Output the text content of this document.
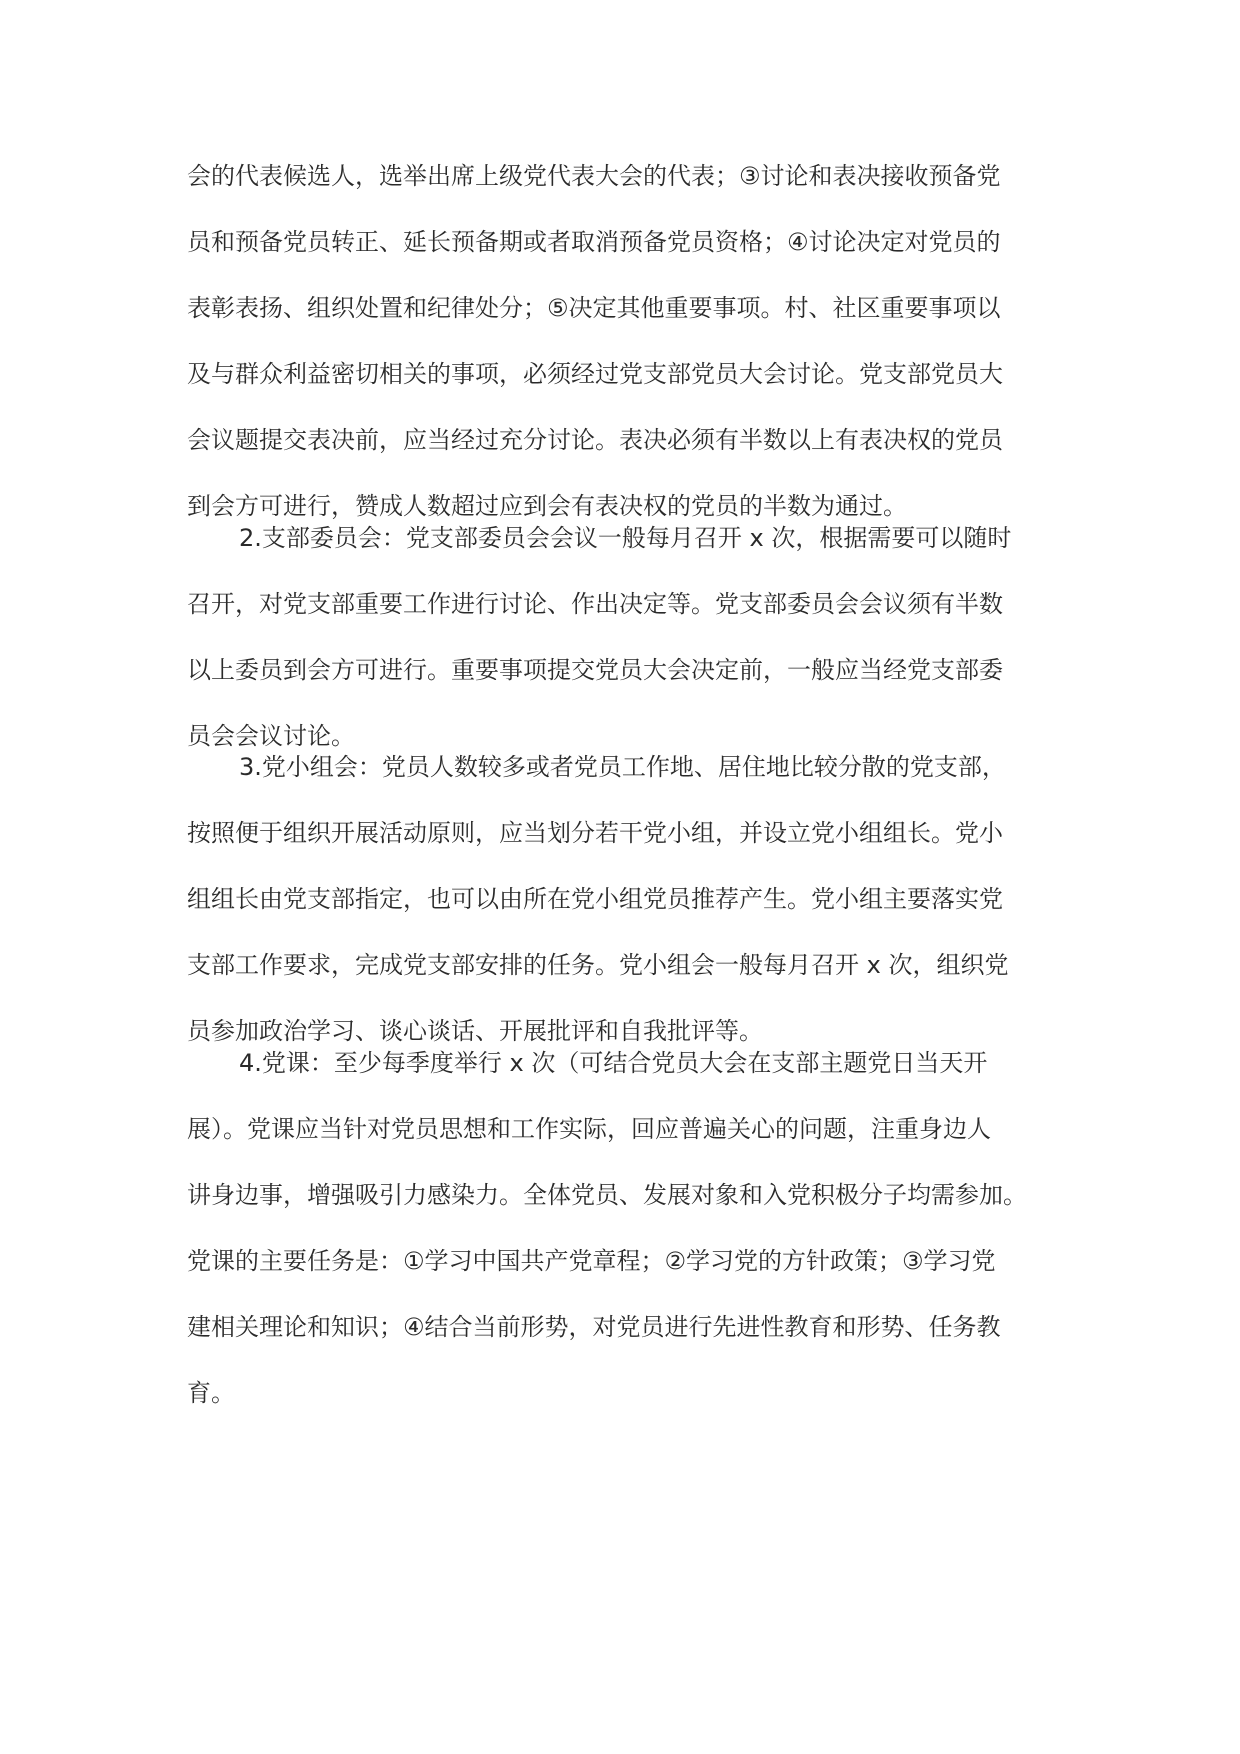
会的代表候选人，选举出席上级党代表大会的代表；③讨论和表决接收预备党
员和预备党员转正、延长预备期或者取消预备党员资格；④讨论决定对党员的
表彰表扬、组织处置和纪律处分；⑤决定其他重要事项。村、社区重要事项以
及与群众利益密切相关的事项，必须经过党支部党员大会讨论。党支部党员大
会议题提交表决前，应当经过充分讨论。表决必须有半数以上有表决权的党员
到会方可进行，赞成人数超过应到会有表决权的党员的半数为通过。
2.支部委员会：党支部委员会会议一般每月召开 x 次，根据需要可以随时
召开，对党支部重要工作进行讨论、作出决定等。党支部委员会会议须有半数
以上委员到会方可进行。重要事项提交党员大会决定前，一般应当经党支部委
员会会议讨论。
3.党小组会：党员人数较多或者党员工作地、居住地比较分散的党支部，
按照便于组织开展活动原则，应当划分若干党小组，并设立党小组组长。党小
组组长由党支部指定，也可以由所在党小组党员推荐产生。党小组主要落实党
支部工作要求，完成党支部安排的任务。党小组会一般每月召开 x 次，组织党
员参加政治学习、谈心谈话、开展批评和自我批评等。
4.党课：至少每季度举行 x 次（可结合党员大会在支部主题党日当天开
展）。党课应当针对党员思想和工作实际，回应普遍关心的问题，注重身边人
讲身边事，增强吸引力感染力。全体党员、发展对象和入党积极分子均需参加。
党课的主要任务是：①学习中国共产党章程；②学习党的方针政策；③学习党
建相关理论和知识；④结合当前形势，对党员进行先进性教育和形势、任务教
育。
